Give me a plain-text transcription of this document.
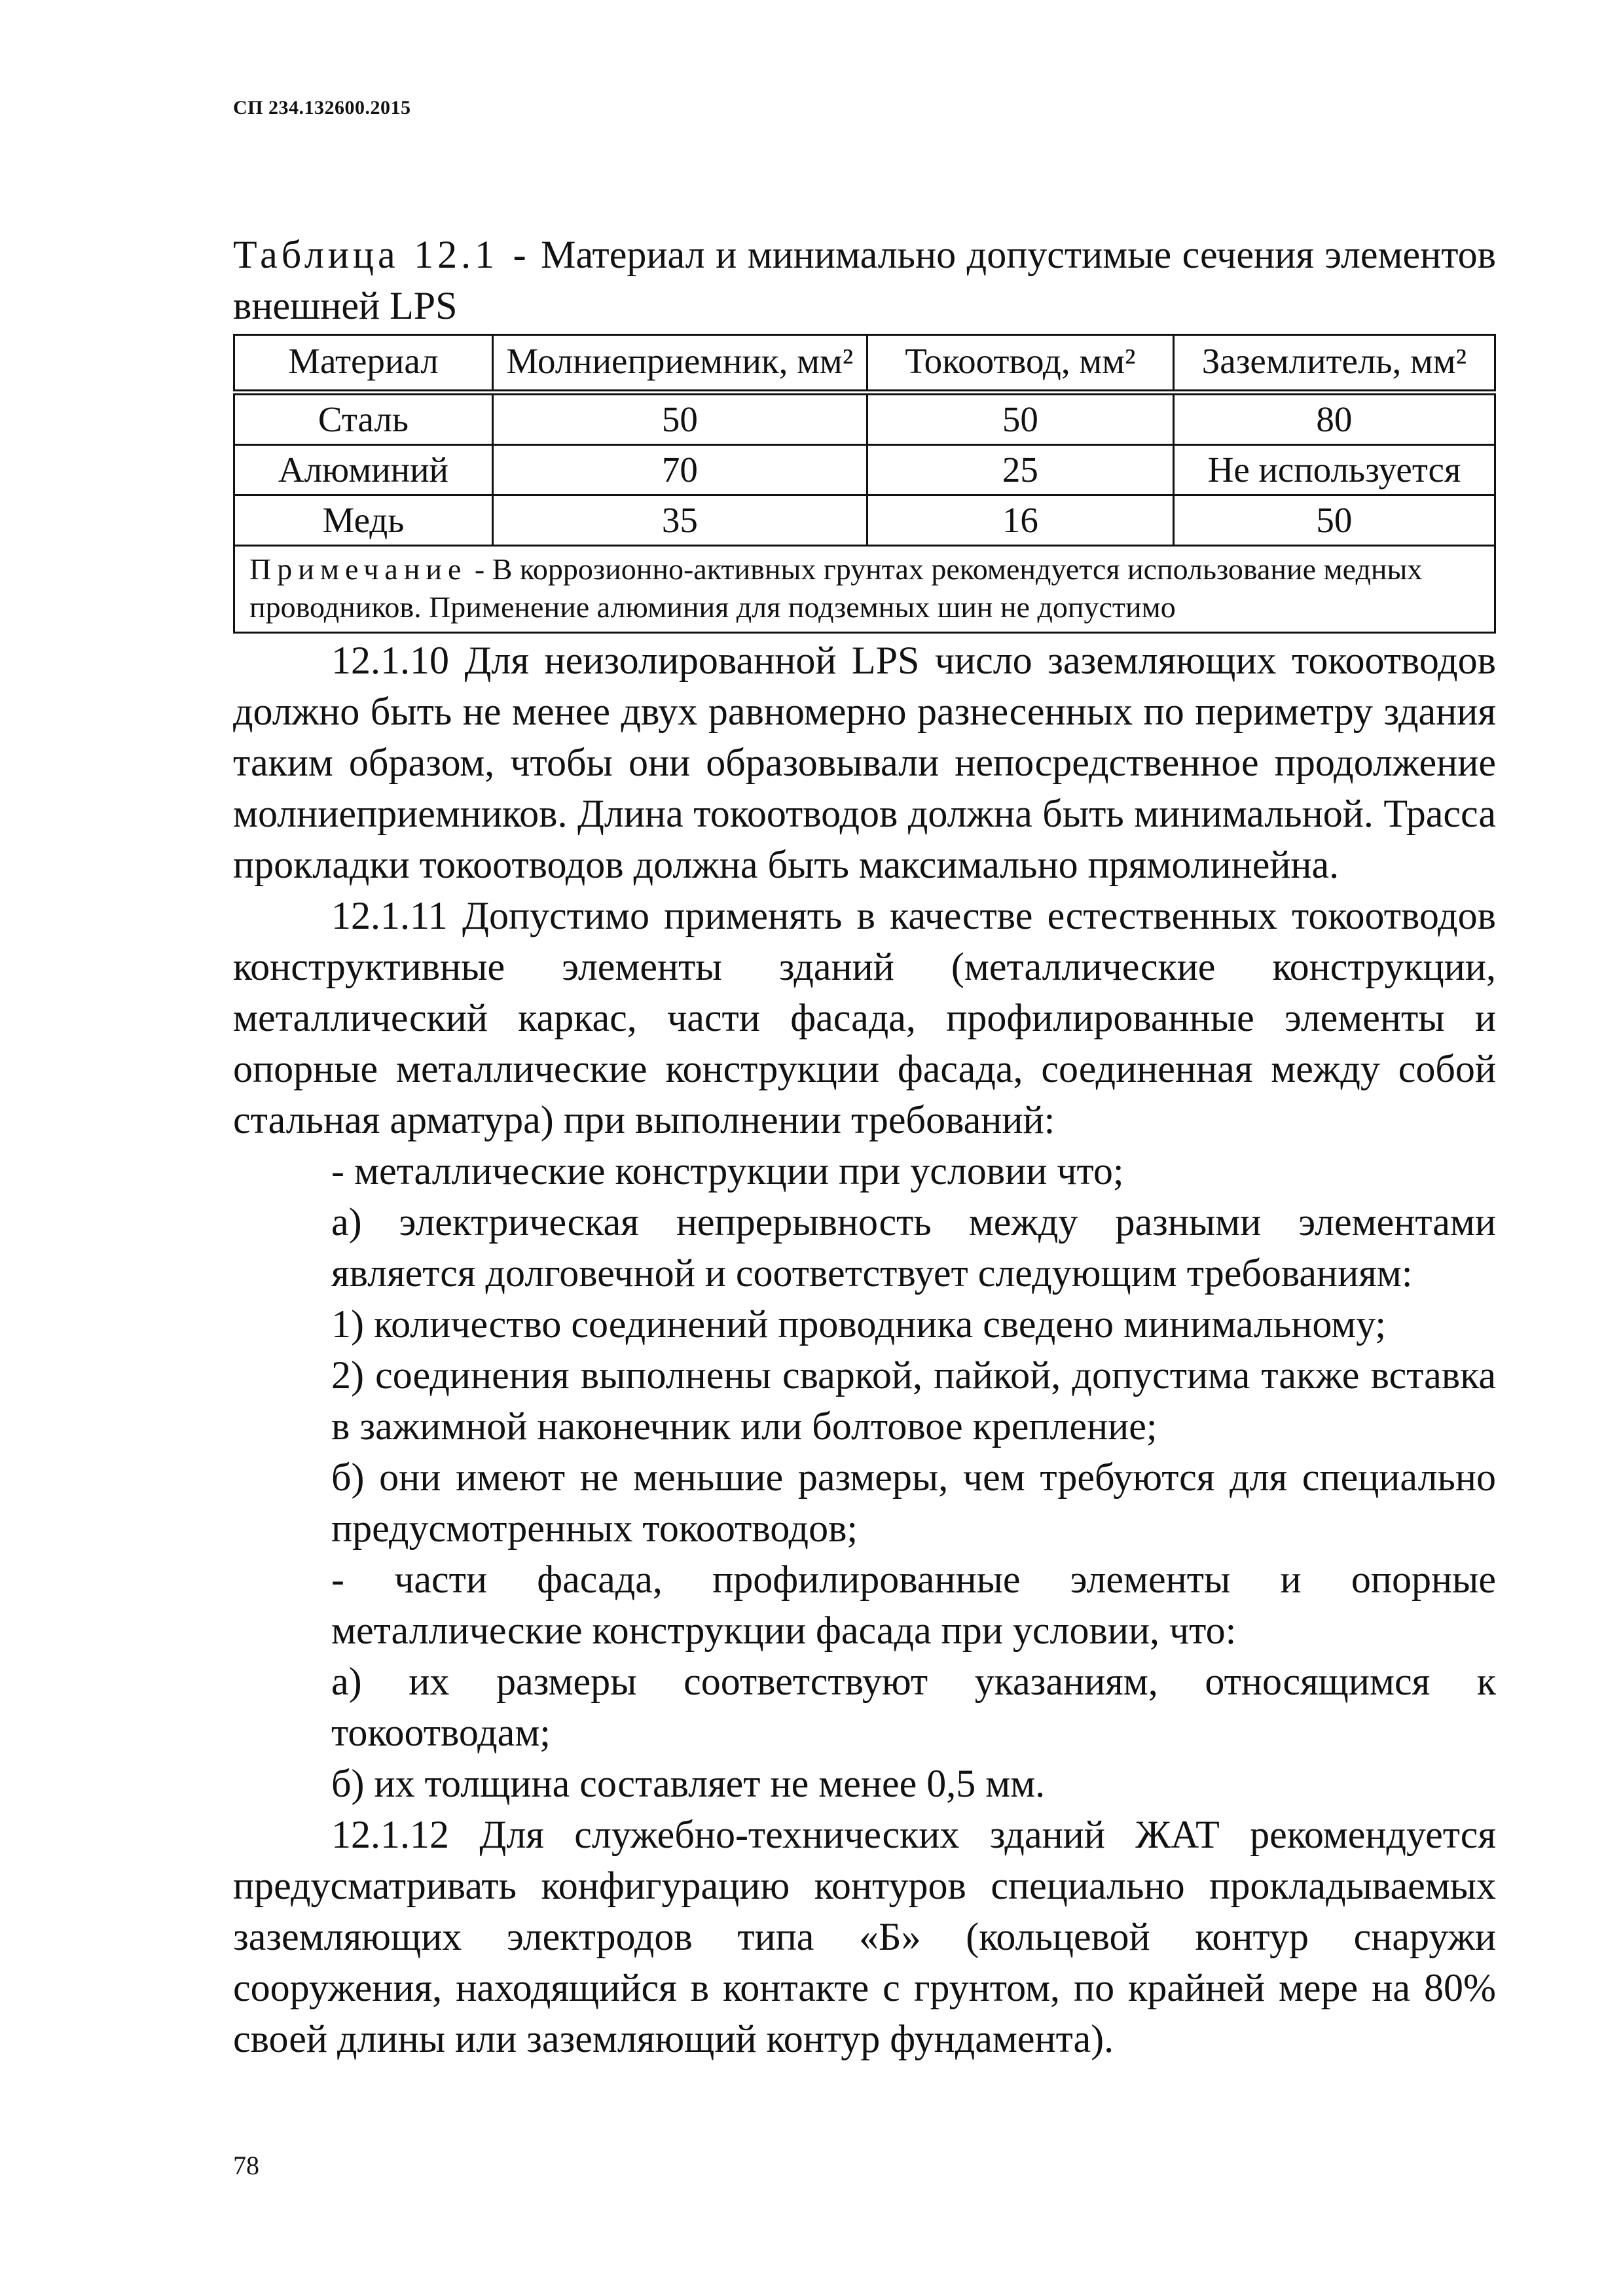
СП 234.132600.2015

Таблица 12.1 - Материал и минимально допустимые сечения элементов внешней LPS

Материал	Молниеприемник, мм²	Токоотвод, мм²	Заземлитель, мм²
Сталь	50	50	80
Алюминий	70	25	Не используется
Медь	35	16	50
Примечание - В коррозионно-активных грунтах рекомендуется использование медных проводников. Применение алюминия для подземных шин не допустимо			

12.1.10 Для неизолированной LPS число заземляющих токоотводов должно быть не менее двух равномерно разнесенных по периметру здания таким образом, чтобы они образовывали непосредственное продолжение молниеприемников. Длина токоотводов должна быть минимальной. Трасса прокладки токоотводов должна быть максимально прямолинейна.

12.1.11 Допустимо применять в качестве естественных токоотводов конструктивные элементы зданий (металлические конструкции, металлический каркас, части фасада, профилированные элементы и опорные металлические конструкции фасада, соединенная между собой стальная арматура) при выполнении требований:

- металлические конструкции при условии что;

а) электрическая непрерывность между разными элементами является долговечной и соответствует следующим требованиям:

1) количество соединений проводника сведено минимальному;

2) соединения выполнены сваркой, пайкой, допустима также вставка в зажимной наконечник или болтовое крепление;

б) они имеют не меньшие размеры, чем требуются для специально предусмотренных токоотводов;

- части фасада, профилированные элементы и опорные металлические конструкции фасада при условии, что:

а) их размеры соответствуют указаниям, относящимся к токоотводам;

б) их толщина составляет не менее 0,5 мм.

12.1.12 Для служебно-технических зданий ЖАТ рекомендуется предусматривать конфигурацию контуров специально прокладываемых заземляющих электродов типа «Б» (кольцевой контур снаружи сооружения, находящийся в контакте с грунтом, по крайней мере на 80% своей длины или заземляющий контур фундамента).

78
